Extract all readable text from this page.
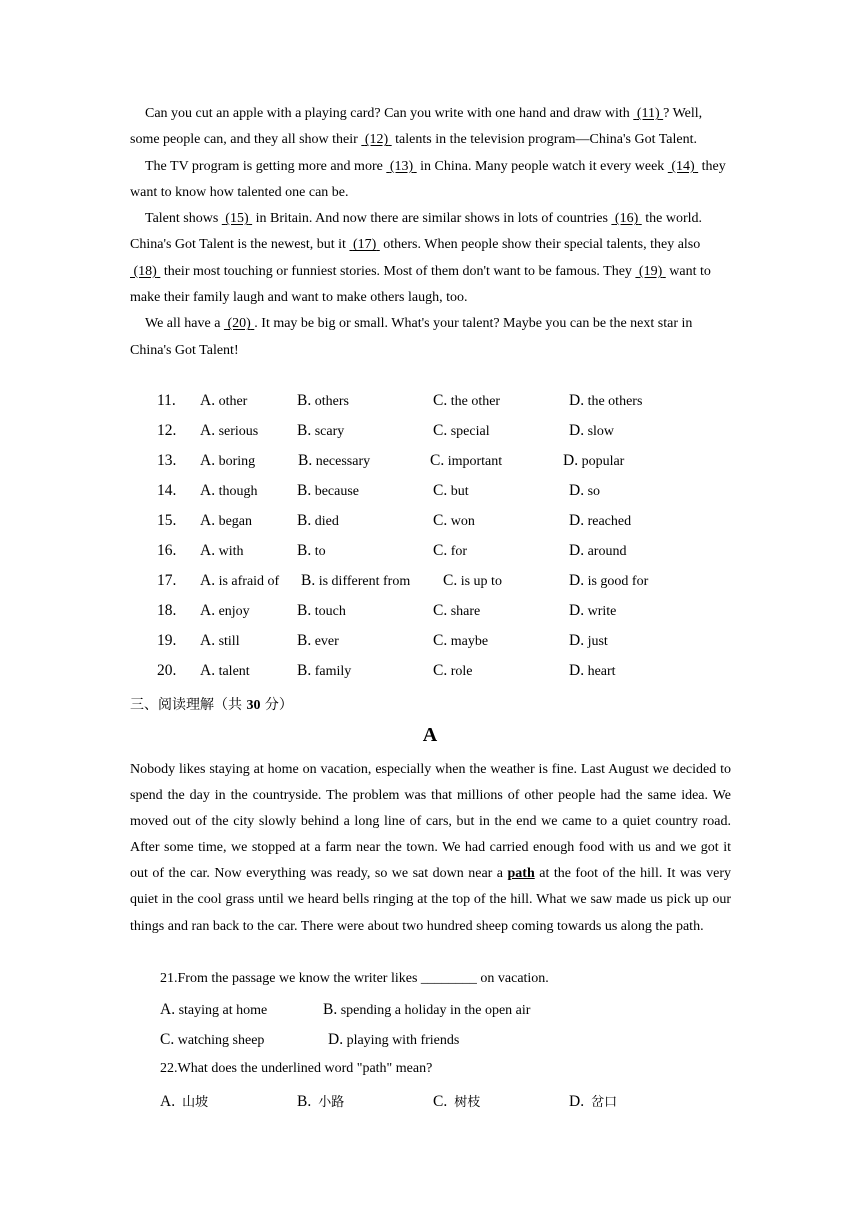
Can you cut an apple with a playing card? Can you write with one hand and draw with (11) ? Well, some people can, and they all show their (12) talents in the television program—China's Got Talent.

The TV program is getting more and more (13) in China. Many people watch it every week (14) they want to know how talented one can be.

Talent shows (15) in Britain. And now there are similar shows in lots of countries (16) the world. China's Got Talent is the newest, but it (17) others. When people show their special talents, they also (18) their most touching or funniest stories. Most of them don't want to be famous. They (19) want to make their family laugh and want to make others laugh, too.

We all have a (20) . It may be big or small. What's your talent? Maybe you can be the next star in China's Got Talent!

11. A. other	B. others	C. the other	D. the others
12. A. serious	B. scary	C. special	D. slow
13. A. boring	B. necessary	C. important	D. popular
14. A. though	B. because	C. but	D. so
15. A. began	B. died	C. won	D. reached
16. A. with	B. to	C. for	D. around
17. A. is afraid of B. is different from C. is up to	D. is good for
18. A. enjoy	B. touch	C. share	D. write
19. A. still	B. ever	C. maybe	D. just
20. A. talent	B. family	C. role	D. heart
三、阅读理解（共 30 分）
A

Nobody likes staying at home on vacation, especially when the weather is fine. Last August we decided to spend the day in the countryside. The problem was that millions of other people had the same idea. We moved out of the city slowly behind a long line of cars, but in the end we came to a quiet country road. After some time, we stopped at a farm near the town. We had carried enough food with us and we got it out of the car. Now everything was ready, so we sat down near a path at the foot of the hill. It was very quiet in the cool grass until we heard bells ringing at the top of the hill. What we saw made us pick up our things and ran back to the car. There were about two hundred sheep coming towards us along the path.

21.From the passage we know the writer likes ________ on vacation.
A. staying at home	B. spending a holiday in the open air
C. watching sheep	D. playing with friends
22.What does the underlined word "path" mean?
A. 山坡	B. 小路	C. 树枝	D. 岔口
